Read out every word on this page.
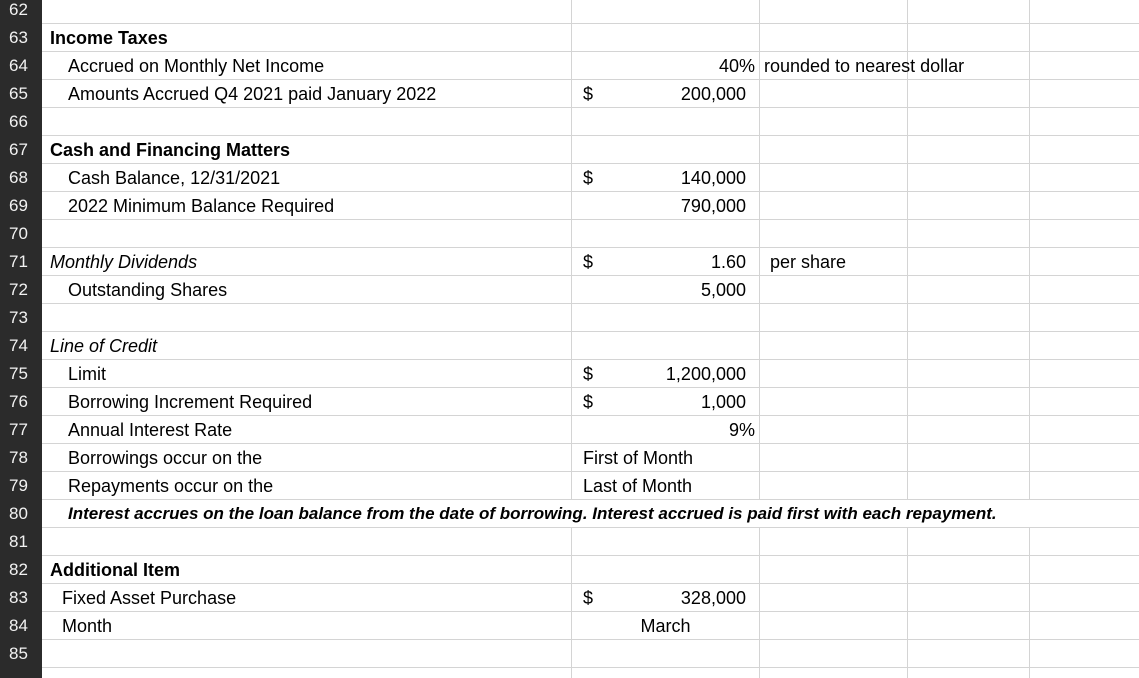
62
63	Income Taxes
64	Accrued on Monthly Net Income	40% rounded to nearest dollar
65	Amounts Accrued Q4 2021 paid January 2022	$	200,000
66
67	Cash and Financing Matters
68	Cash Balance, 12/31/2021	$	140,000
69	2022 Minimum Balance Required	790,000
70
71	Monthly Dividends	$	1.60 per share
72	Outstanding Shares	5,000
73
74	Line of Credit
75	Limit	$	1,200,000
76	Borrowing Increment Required	$	1,000
77	Annual Interest Rate	9%
78	Borrowings occur on the	First of Month
79	Repayments occur on the	Last of Month
80	Interest accrues on the loan balance from the date of borrowing. Interest accrued is paid first with each repayment.
81
82	Additional Item
83	Fixed Asset Purchase	$	328,000
84	Month	March
85
